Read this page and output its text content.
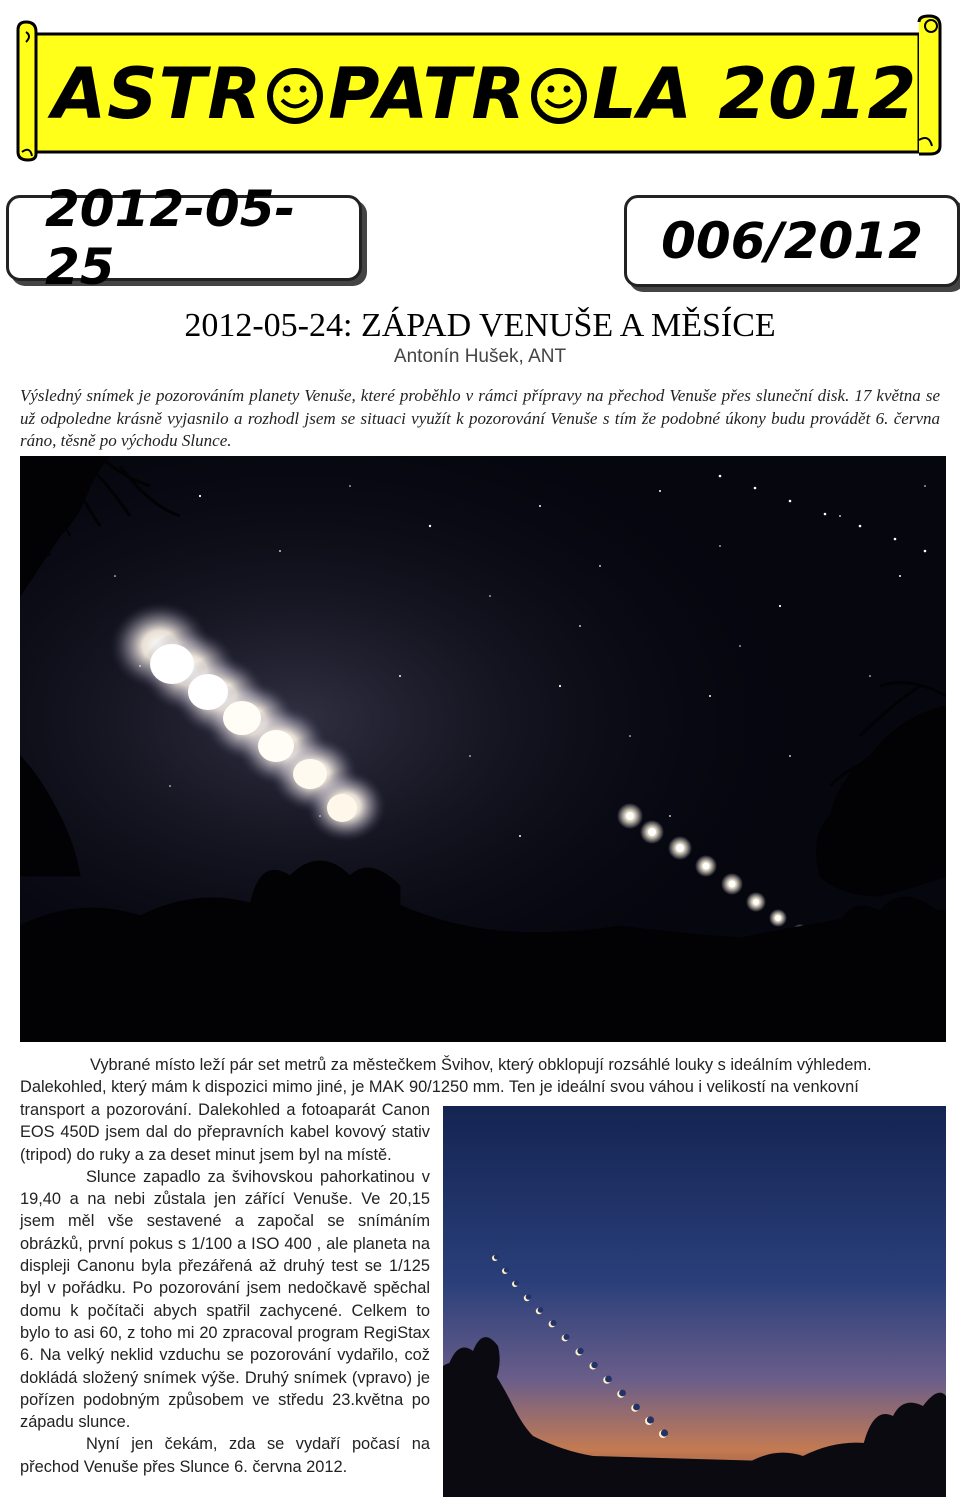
ASTR PATR LA 2012
2012-05-25	006/2012
2012-05-24: ZÁPAD VENUŠE A MĚSÍCE
Antonín Hušek, ANT
Výsledný snímek je pozorováním planety Venuše, které proběhlo v rámci přípravy na přechod Venuše přes sluneční disk. 17 května se už odpoledne krásně vyjasnilo a rozhodl jsem se situaci využít k pozorování Venuše s tím že podobné úkony budu provádět 6. června ráno, těsně po východu Slunce.

Vybrané místo leží pár set metrů za městečkem Švihov, který obklopují rozsáhlé louky s ideálním výhledem.

Dalekohled, který mám k dispozici mimo jiné, je MAK 90/1250 mm. Ten je ideální svou váhou i velikostí na venkovní

transport a pozorování. Dalekohled a fotoaparát Canon EOS 450D jsem dal do přepravních kabel kovový stativ (tripod) do ruky a za deset minut jsem byl na místě.

Slunce zapadlo za švihovskou pahorkatinou v 19,40 a na nebi zůstala jen zářící Venuše. Ve 20,15 jsem měl vše sestavené a započal se snímáním obrázků, první pokus s 1/100 a ISO 400 , ale planeta na displeji Canonu byla přezářená až druhý test se 1/125 byl v pořádku. Po pozorování jsem nedočkavě spěchal domu k počítači abych spatřil zachycené. Celkem to bylo to asi 60, z toho mi 20 zpracoval program RegiStax 6. Na velký neklid vzduchu se pozorování vydařilo, což dokládá složený snímek výše. Druhý snímek (vpravo) je pořízen podobným způsobem ve středu 23.května po západu slunce.

Nyní jen čekám, zda se vydaří počasí na přechod Venuše přes Slunce 6. června 2012.
